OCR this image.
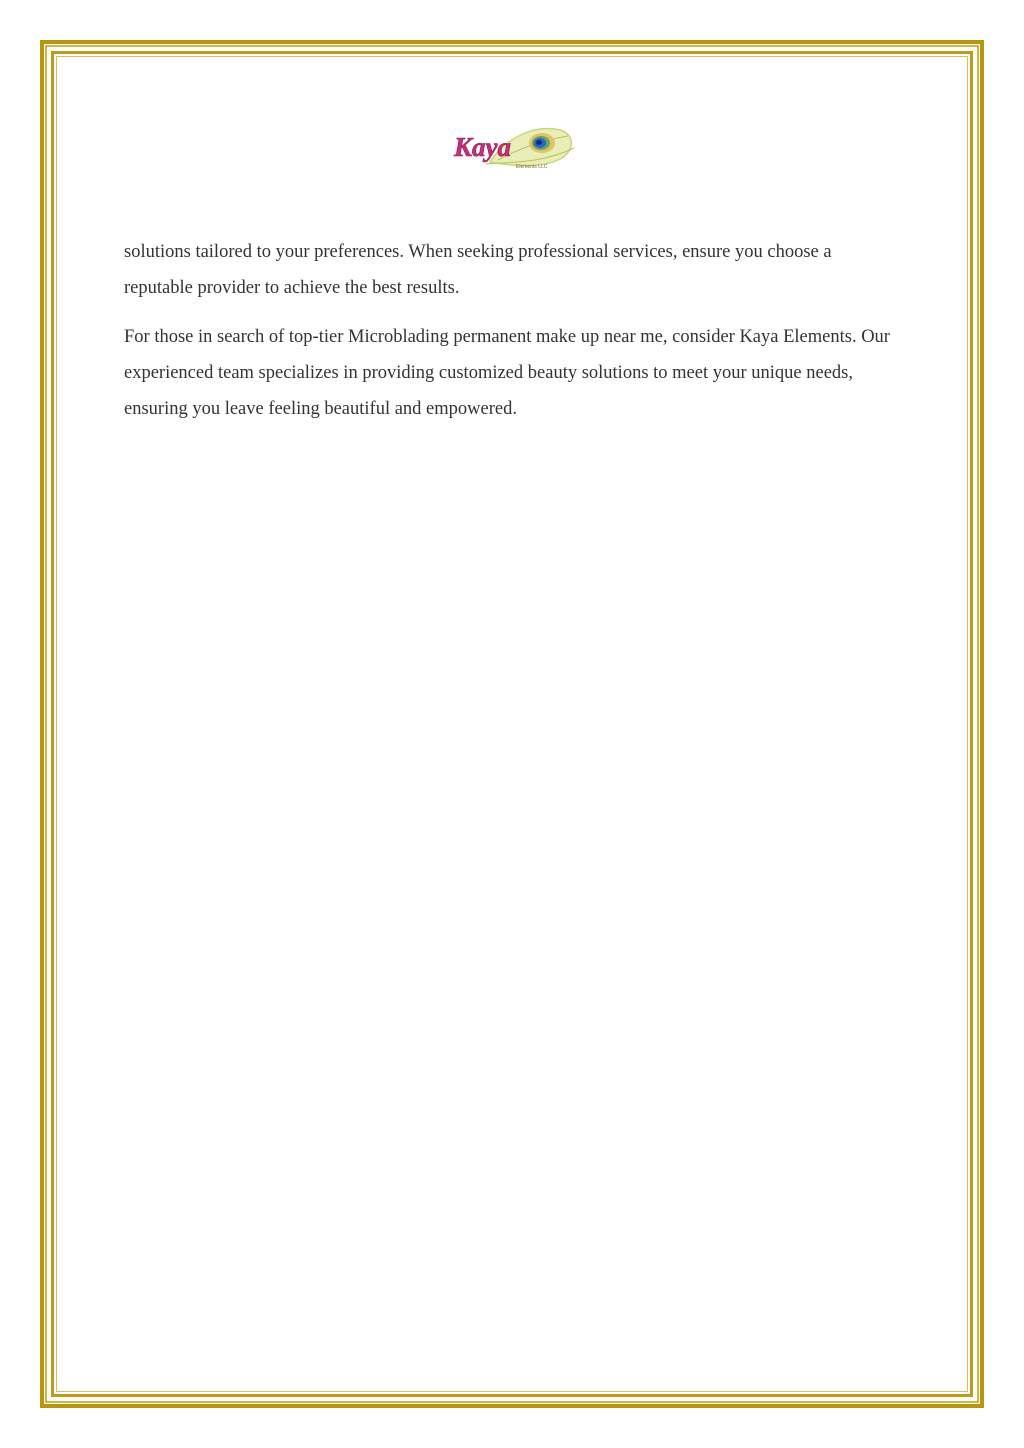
Kaya
Elements LLC

solutions tailored to your preferences. When seeking professional services, ensure you choose a reputable provider to achieve the best results.

For those in search of top-tier Microblading permanent make up near me, consider Kaya Elements. Our experienced team specializes in providing customized beauty solutions to meet your unique needs, ensuring you leave feeling beautiful and empowered.
